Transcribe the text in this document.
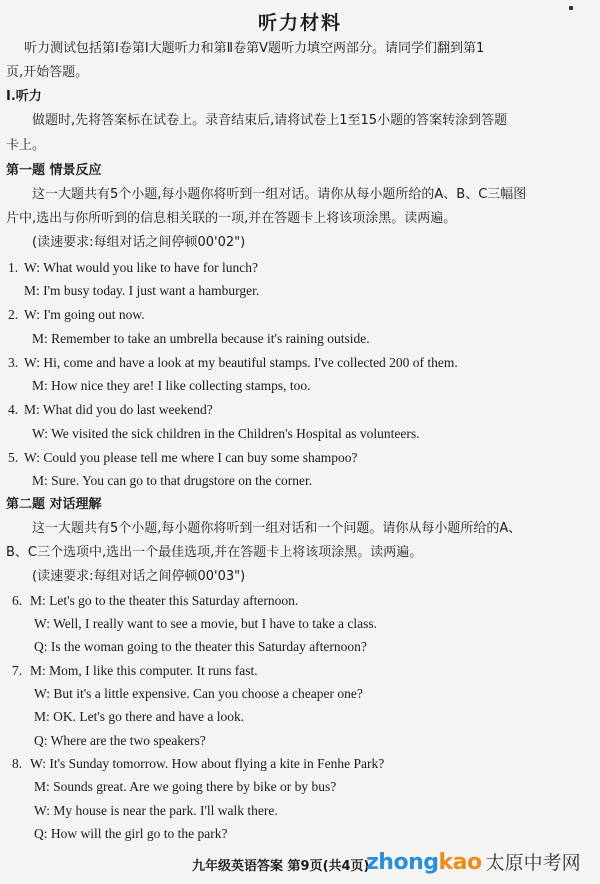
听力材料
听力测试包括第Ⅰ卷第Ⅰ大题听力和第Ⅱ卷第Ⅴ题听力填空两部分。请同学们翻到第1
页,开始答题。
Ⅰ.听力
做题时,先将答案标在试卷上。录音结束后,请将试卷上1至15小题的答案转涂到答题
卡上。
第一题 情景反应
这一大题共有5个小题,每小题你将听到一组对话。请你从每小题所给的A、B、C三幅图
片中,选出与你所听到的信息相关联的一项,并在答题卡上将该项涂黑。读两遍。
(读速要求:每组对话之间停顿00'02")
1. W: What would you like to have for lunch?
M: I'm busy today. I just want a hamburger.
2. W: I'm going out now.
M: Remember to take an umbrella because it's raining outside.
3. W: Hi, come and have a look at my beautiful stamps. I've collected 200 of them.
M: How nice they are! I like collecting stamps, too.
4. M: What did you do last weekend?
W: We visited the sick children in the Children's Hospital as volunteers.
5. W: Could you please tell me where I can buy some shampoo?
M: Sure. You can go to that drugstore on the corner.
第二题 对话理解
这一大题共有5个小题,每小题你将听到一组对话和一个问题。请你从每小题所给的A、
B、C三个选项中,选出一个最佳选项,并在答题卡上将该项涂黑。读两遍。
(读速要求:每组对话之间停顿00'03")
6. M: Let's go to the theater this Saturday afternoon.
W: Well, I really want to see a movie, but I have to take a class.
Q: Is the woman going to the theater this Saturday afternoon?
7. M: Mom, I like this computer. It runs fast.
W: But it's a little expensive. Can you choose a cheaper one?
M: OK. Let's go there and have a look.
Q: Where are the two speakers?
8. W: It's Sunday tomorrow. How about flying a kite in Fenhe Park?
M: Sounds great. Are we going there by bike or by bus?
W: My house is near the park. I'll walk there.
Q: How will the girl go to the park?
九年级英语答案 第9页(共4页)
zhongkao 太原中考网
